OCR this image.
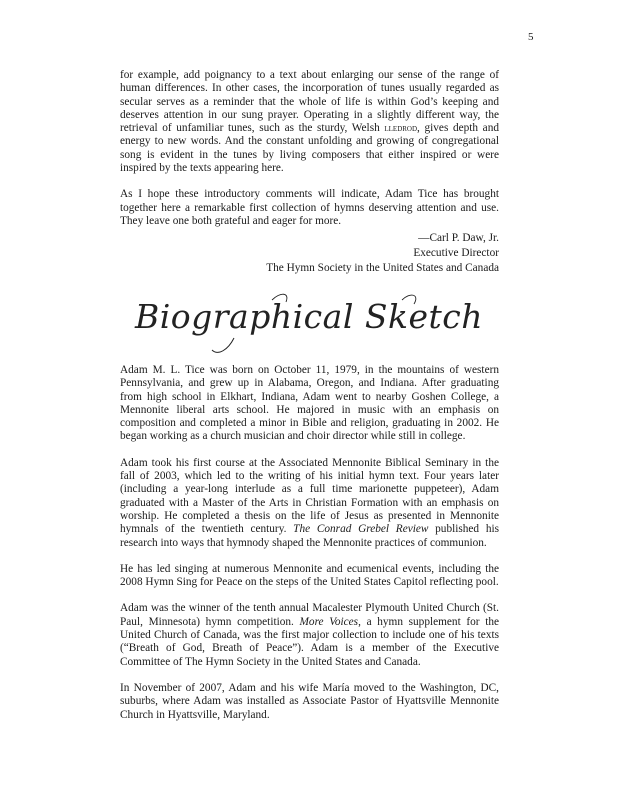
5

for example, add poignancy to a text about enlarging our sense of the range of human differences. In other cases, the incorporation of tunes usually regarded as secular serves as a reminder that the whole of life is within God’s keeping and deserves attention in our sung prayer. Operating in a slightly different way, the retrieval of unfamiliar tunes, such as the sturdy, Welsh lledrod, gives depth and energy to new words. And the constant unfolding and growing of congregational song is evident in the tunes by living composers that either inspired or were inspired by the texts appearing here.

As I hope these introductory comments will indicate, Adam Tice has brought together here a remarkable first collection of hymns deserving attention and use. They leave one both grateful and eager for more.

—Carl P. Daw, Jr.
Executive Director
The Hymn Society in the United States and Canada
Biographical Sketch

Adam M. L. Tice was born on October 11, 1979, in the mountains of western Pennsylvania, and grew up in Alabama, Oregon, and Indiana. After graduating from high school in Elkhart, Indiana, Adam went to nearby Goshen College, a Mennonite liberal arts school. He majored in music with an emphasis on composition and completed a minor in Bible and religion, graduating in 2002. He began working as a church musician and choir director while still in college.

Adam took his first course at the Associated Mennonite Biblical Seminary in the fall of 2003, which led to the writing of his initial hymn text. Four years later (including a year-long interlude as a full time marionette puppeteer), Adam graduated with a Master of the Arts in Christian Formation with an emphasis on worship. He completed a thesis on the life of Jesus as presented in Mennonite hymnals of the twentieth century. The Conrad Grebel Review published his research into ways that hymnody shaped the Mennonite practices of communion.

He has led singing at numerous Mennonite and ecumenical events, including the 2008 Hymn Sing for Peace on the steps of the United States Capitol reflecting pool.

Adam was the winner of the tenth annual Macalester Plymouth United Church (St. Paul, Minnesota) hymn competition. More Voices, a hymn supplement for the United Church of Canada, was the first major collection to include one of his texts (“Breath of God, Breath of Peace”). Adam is a member of the Executive Committee of The Hymn Society in the United States and Canada.

In November of 2007, Adam and his wife María moved to the Washington, DC, suburbs, where Adam was installed as Associate Pastor of Hyattsville Mennonite Church in Hyattsville, Maryland.
